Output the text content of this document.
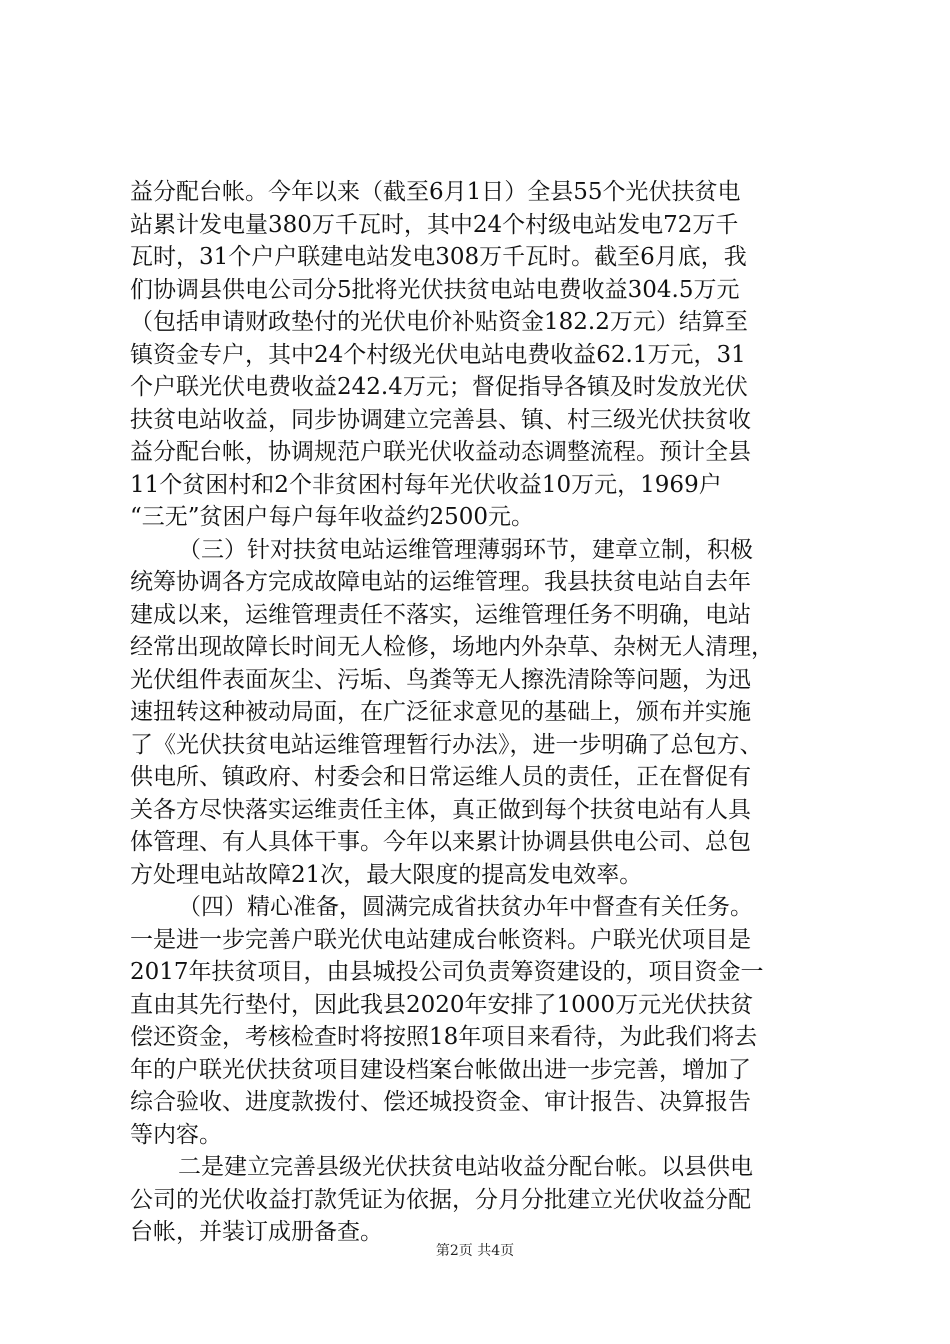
益分配台帐。今年以来（截至6月1日）全县55个光伏扶贫电
站累计发电量380万千瓦时，其中24个村级电站发电72万千
瓦时，31个户户联建电站发电308万千瓦时。截至6月底，我
们协调县供电公司分5批将光伏扶贫电站电费收益304.5万元
（包括申请财政垫付的光伏电价补贴资金182.2万元）结算至
镇资金专户，其中24个村级光伏电站电费收益62.1万元，31
个户联光伏电费收益242.4万元；督促指导各镇及时发放光伏
扶贫电站收益，同步协调建立完善县、镇、村三级光伏扶贫收
益分配台帐，协调规范户联光伏收益动态调整流程。预计全县
11个贫困村和2个非贫困村每年光伏收益10万元，1969户
“三无”贫困户每户每年收益约2500元。
（三）针对扶贫电站运维管理薄弱环节，建章立制，积极
统筹协调各方完成故障电站的运维管理。我县扶贫电站自去年
建成以来，运维管理责任不落实，运维管理任务不明确，电站
经常出现故障长时间无人检修，场地内外杂草、杂树无人清理，
光伏组件表面灰尘、污垢、鸟粪等无人擦洗清除等问题，为迅
速扭转这种被动局面，在广泛征求意见的基础上，颁布并实施
了《光伏扶贫电站运维管理暂行办法》，进一步明确了总包方、
供电所、镇政府、村委会和日常运维人员的责任，正在督促有
关各方尽快落实运维责任主体，真正做到每个扶贫电站有人具
体管理、有人具体干事。今年以来累计协调县供电公司、总包
方处理电站故障21次，最大限度的提高发电效率。
（四）精心准备，圆满完成省扶贫办年中督查有关任务。
一是进一步完善户联光伏电站建成台帐资料。户联光伏项目是
2017年扶贫项目，由县城投公司负责筹资建设的，项目资金一
直由其先行垫付，因此我县2020年安排了1000万元光伏扶贫
偿还资金，考核检查时将按照18年项目来看待，为此我们将去
年的户联光伏扶贫项目建设档案台帐做出进一步完善，增加了
综合验收、进度款拨付、偿还城投资金、审计报告、决算报告
等内容。
二是建立完善县级光伏扶贫电站收益分配台帐。以县供电
公司的光伏收益打款凭证为依据，分月分批建立光伏收益分配
台帐，并装订成册备查。
第2页 共4页
